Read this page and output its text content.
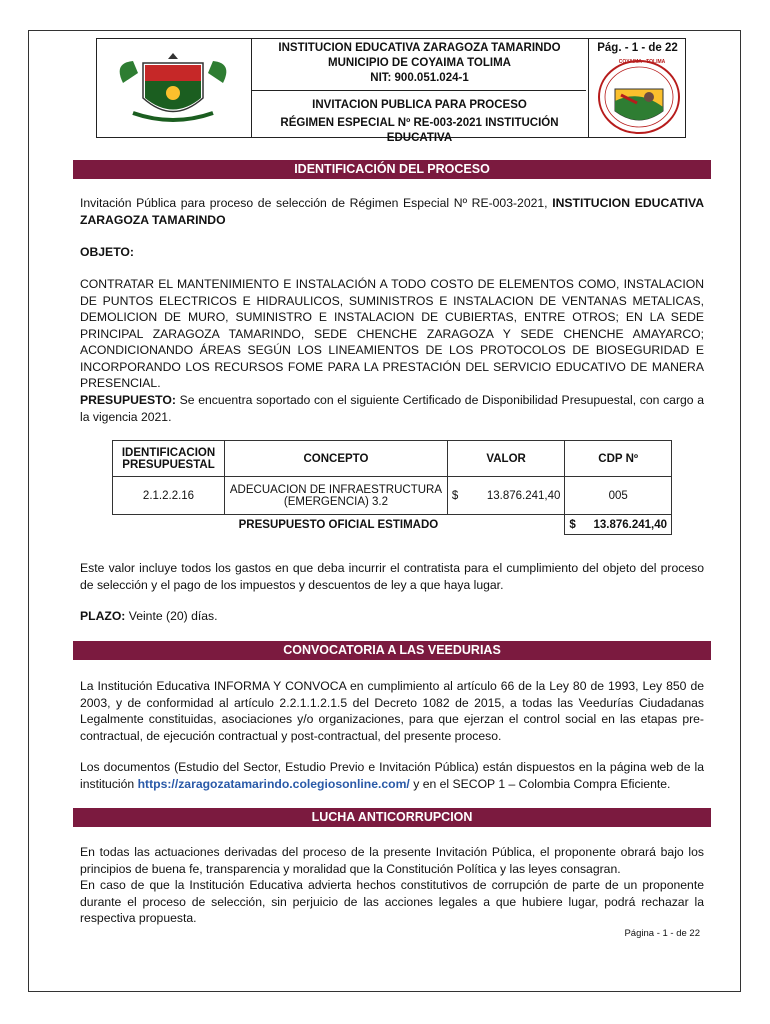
INSTITUCION EDUCATIVA ZARAGOZA TAMARINDO
MUNICIPIO DE COYAIMA TOLIMA
NIT: 900.051.024-1
INVITACION PUBLICA PARA PROCESO
RÉGIMEN ESPECIAL Nº RE-003-2021 INSTITUCIÓN EDUCATIVA
Pág. - 1 - de 22
COYAIMA - TOLIMA
IDENTIFICACIÓN DEL PROCESO

Invitación Pública para proceso de selección de Régimen Especial Nº RE-003-2021, INSTITUCION EDUCATIVA ZARAGOZA TAMARINDO

OBJETO:

CONTRATAR EL MANTENIMIENTO E INSTALACIÓN A TODO COSTO DE ELEMENTOS COMO, INSTALACION DE PUNTOS ELECTRICOS E HIDRAULICOS, SUMINISTROS E INSTALACION DE VENTANAS METALICAS, DEMOLICION DE MURO, SUMINISTRO E INSTALACION DE CUBIERTAS, ENTRE OTROS; EN LA SEDE PRINCIPAL ZARAGOZA TAMARINDO, SEDE CHENCHE ZARAGOZA Y SEDE CHENCHE AMAYARCO; ACONDICIONANDO ÁREAS SEGÚN LOS LINEAMIENTOS DE LOS PROTOCOLOS DE BIOSEGURIDAD E INCORPORANDO LOS RECURSOS FOME PARA LA PRESTACIÓN DEL SERVICIO EDUCATIVO DE MANERA PRESENCIAL.

PRESUPUESTO: Se encuentra soportado con el siguiente Certificado de Disponibilidad Presupuestal, con cargo a la vigencia 2021.

IDENTIFICACION PRESUPUESTAL	CONCEPTO	VALOR	CDP Nº
2.1.2.2.16	ADECUACION DE INFRAESTRUCTURA (EMERGENCIA) 3.2	$ 13.876.241,40	005
PRESUPUESTO OFICIAL ESTIMADO			$ 13.876.241,40

Este valor incluye todos los gastos en que deba incurrir el contratista para el cumplimiento del objeto del proceso de selección y el pago de los impuestos y descuentos de ley a que haya lugar.

PLAZO: Veinte (20) días.

CONVOCATORIA A LAS VEEDURIAS

La Institución Educativa INFORMA Y CONVOCA en cumplimiento al artículo 66 de la Ley 80 de 1993, Ley 850 de 2003, y de conformidad al artículo 2.2.1.1.2.1.5 del Decreto 1082 de 2015, a todas las Veedurías Ciudadanas Legalmente constituidas, asociaciones y/o organizaciones, para que ejerzan el control social en las etapas pre-contractual, de ejecución contractual y post-contractual, del presente proceso.

Los documentos (Estudio del Sector, Estudio Previo e Invitación Pública) están dispuestos en la página web de la institución https://zaragozatamarindo.colegiosonline.com/ y en el SECOP 1 – Colombia Compra Eficiente.

LUCHA ANTICORRUPCION

En todas las actuaciones derivadas del proceso de la presente Invitación Pública, el proponente obrará bajo los principios de buena fe, transparencia y moralidad que la Constitución Política y las leyes consagran.

En caso de que la Institución Educativa advierta hechos constitutivos de corrupción de parte de un proponente durante el proceso de selección, sin perjuicio de las acciones legales a que hubiere lugar, podrá rechazar la respectiva propuesta.

Página - 1 - de 22
